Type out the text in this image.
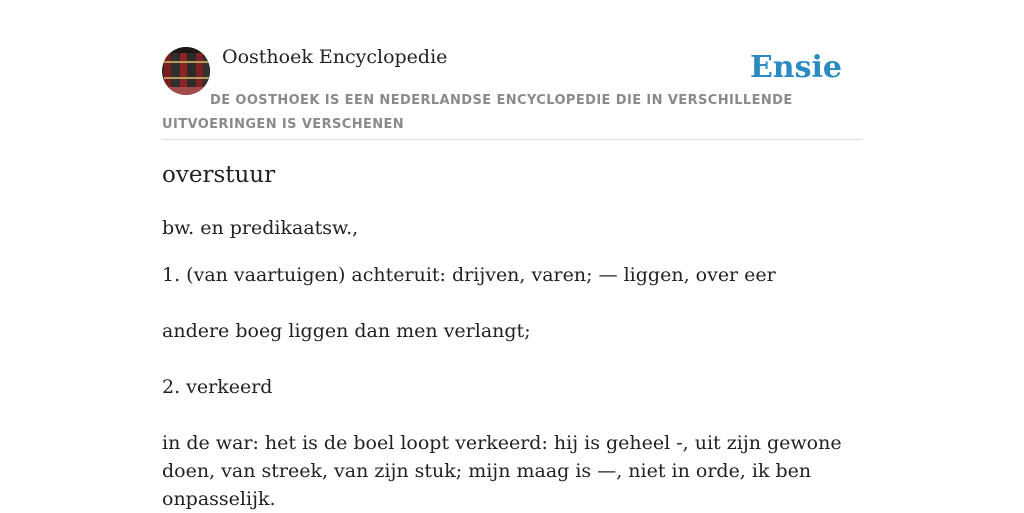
Oosthoek Encyclopedie	Ensie
DE OOSTHOEK IS EEN NEDERLANDSE ENCYCLOPEDIE DIE IN VERSCHILLENDE UITVOERINGEN IS VERSCHENEN
overstuur

bw. en predikaatsw.,

1. (van vaartuigen) achteruit: drijven, varen; — liggen, over eer

andere boeg liggen dan men verlangt;

2. verkeerd

in de war: het is de boel loopt verkeerd: hij is geheel -, uit zijn gewone doen, van streek, van zijn stuk; mijn maag is —, niet in orde, ik ben onpasselijk.
